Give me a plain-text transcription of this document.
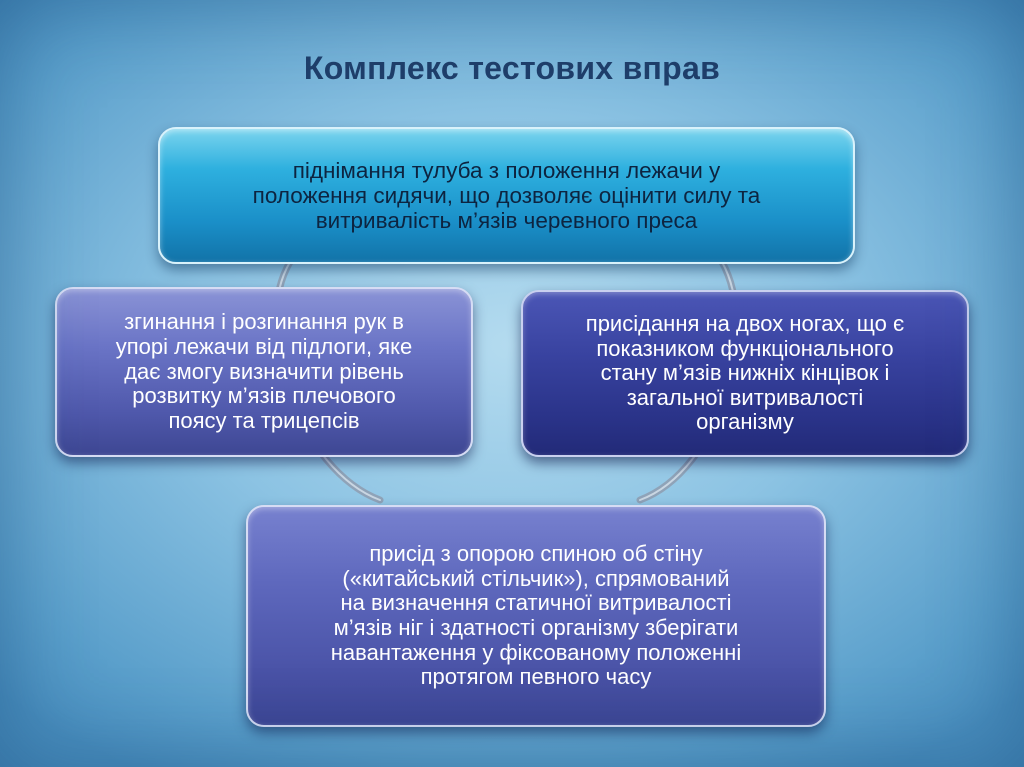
Комплекс тестових вправ
піднімання тулуба з положення лежачи у
положення сидячи, що дозволяє оцінити силу та
витривалість м’язів черевного преса
згинання і розгинання рук в
упорі лежачи від підлоги, яке
дає змогу визначити рівень
розвитку м’язів плечового
поясу та трицепсів
присідання на двох ногах, що є
показником функціонального
стану м’язів нижніх кінцівок і
загальної витривалості
організму
присід з опорою спиною об стіну
(«китайський стільчик»), спрямований
на визначення статичної витривалості
м’язів ніг і здатності організму зберігати
навантаження у фіксованому положенні
протягом певного часу
